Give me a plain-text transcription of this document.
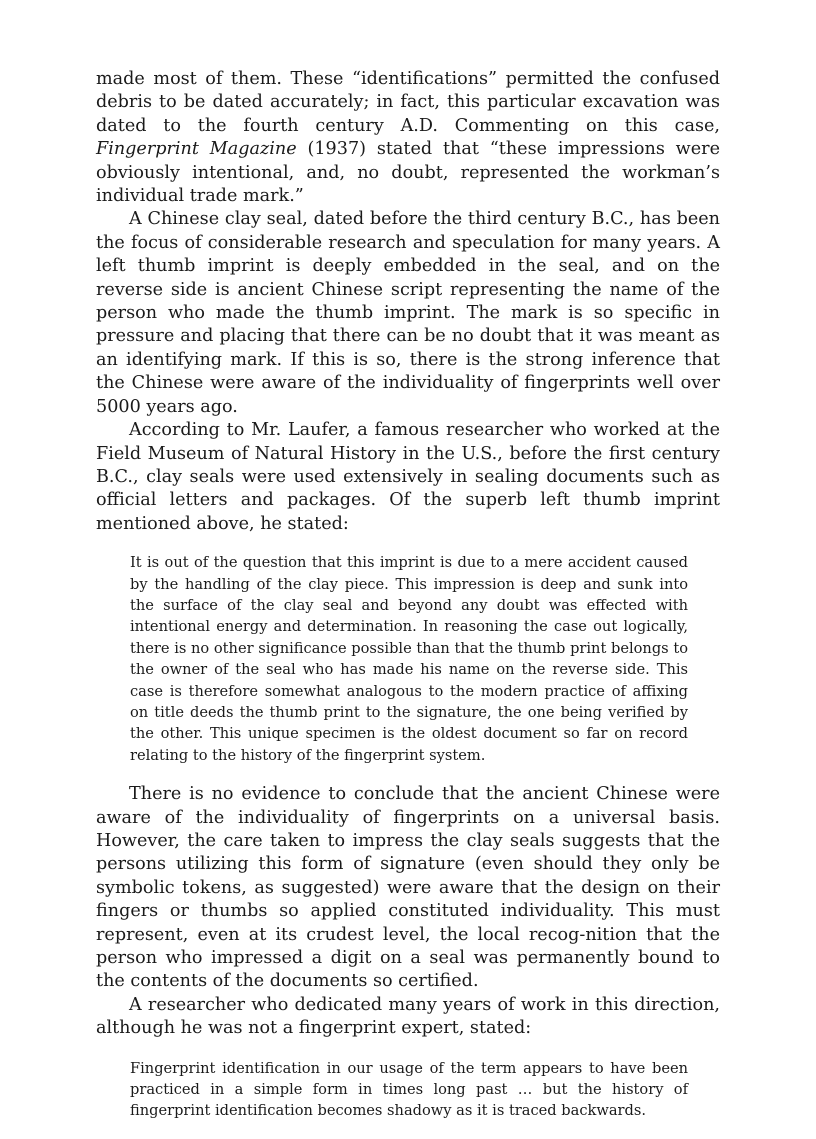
made most of them. These “identifications” permitted the confused debris to be dated accurately; in fact, this particular excavation was dated to the fourth century A.D. Commenting on this case, Fingerprint Magazine (1937) stated that “these impressions were obviously intentional, and, no doubt, represented the workman’s individual trade mark.”

A Chinese clay seal, dated before the third century B.C., has been the focus of considerable research and speculation for many years. A left thumb imprint is deeply embedded in the seal, and on the reverse side is ancient Chinese script representing the name of the person who made the thumb imprint. The mark is so specific in pressure and placing that there can be no doubt that it was meant as an identifying mark. If this is so, there is the strong inference that the Chinese were aware of the individuality of fingerprints well over 5000 years ago.

According to Mr. Laufer, a famous researcher who worked at the Field Museum of Natural History in the U.S., before the first century B.C., clay seals were used extensively in sealing documents such as official letters and packages. Of the superb left thumb imprint mentioned above, he stated:

It is out of the question that this imprint is due to a mere accident caused by the handling of the clay piece. This impression is deep and sunk into the surface of the clay seal and beyond any doubt was effected with intentional energy and determination. In reasoning the case out logically, there is no other significance possible than that the thumb print belongs to the owner of the seal who has made his name on the reverse side. This case is therefore somewhat analogous to the modern practice of affixing on title deeds the thumb print to the signature, the one being verified by the other. This unique specimen is the oldest document so far on record relating to the history of the fingerprint system.

There is no evidence to conclude that the ancient Chinese were aware of the individuality of fingerprints on a universal basis. However, the care taken to impress the clay seals suggests that the persons utilizing this form of signature (even should they only be symbolic tokens, as suggested) were aware that the design on their fingers or thumbs so applied constituted individuality. This must represent, even at its crudest level, the local recog-nition that the person who impressed a digit on a seal was permanently bound to the contents of the documents so certified.

A researcher who dedicated many years of work in this direction, although he was not a fingerprint expert, stated:

Fingerprint identification in our usage of the term appears to have been practiced in a simple form in times long past … but the history of fingerprint identification becomes shadowy as it is traced backwards.
